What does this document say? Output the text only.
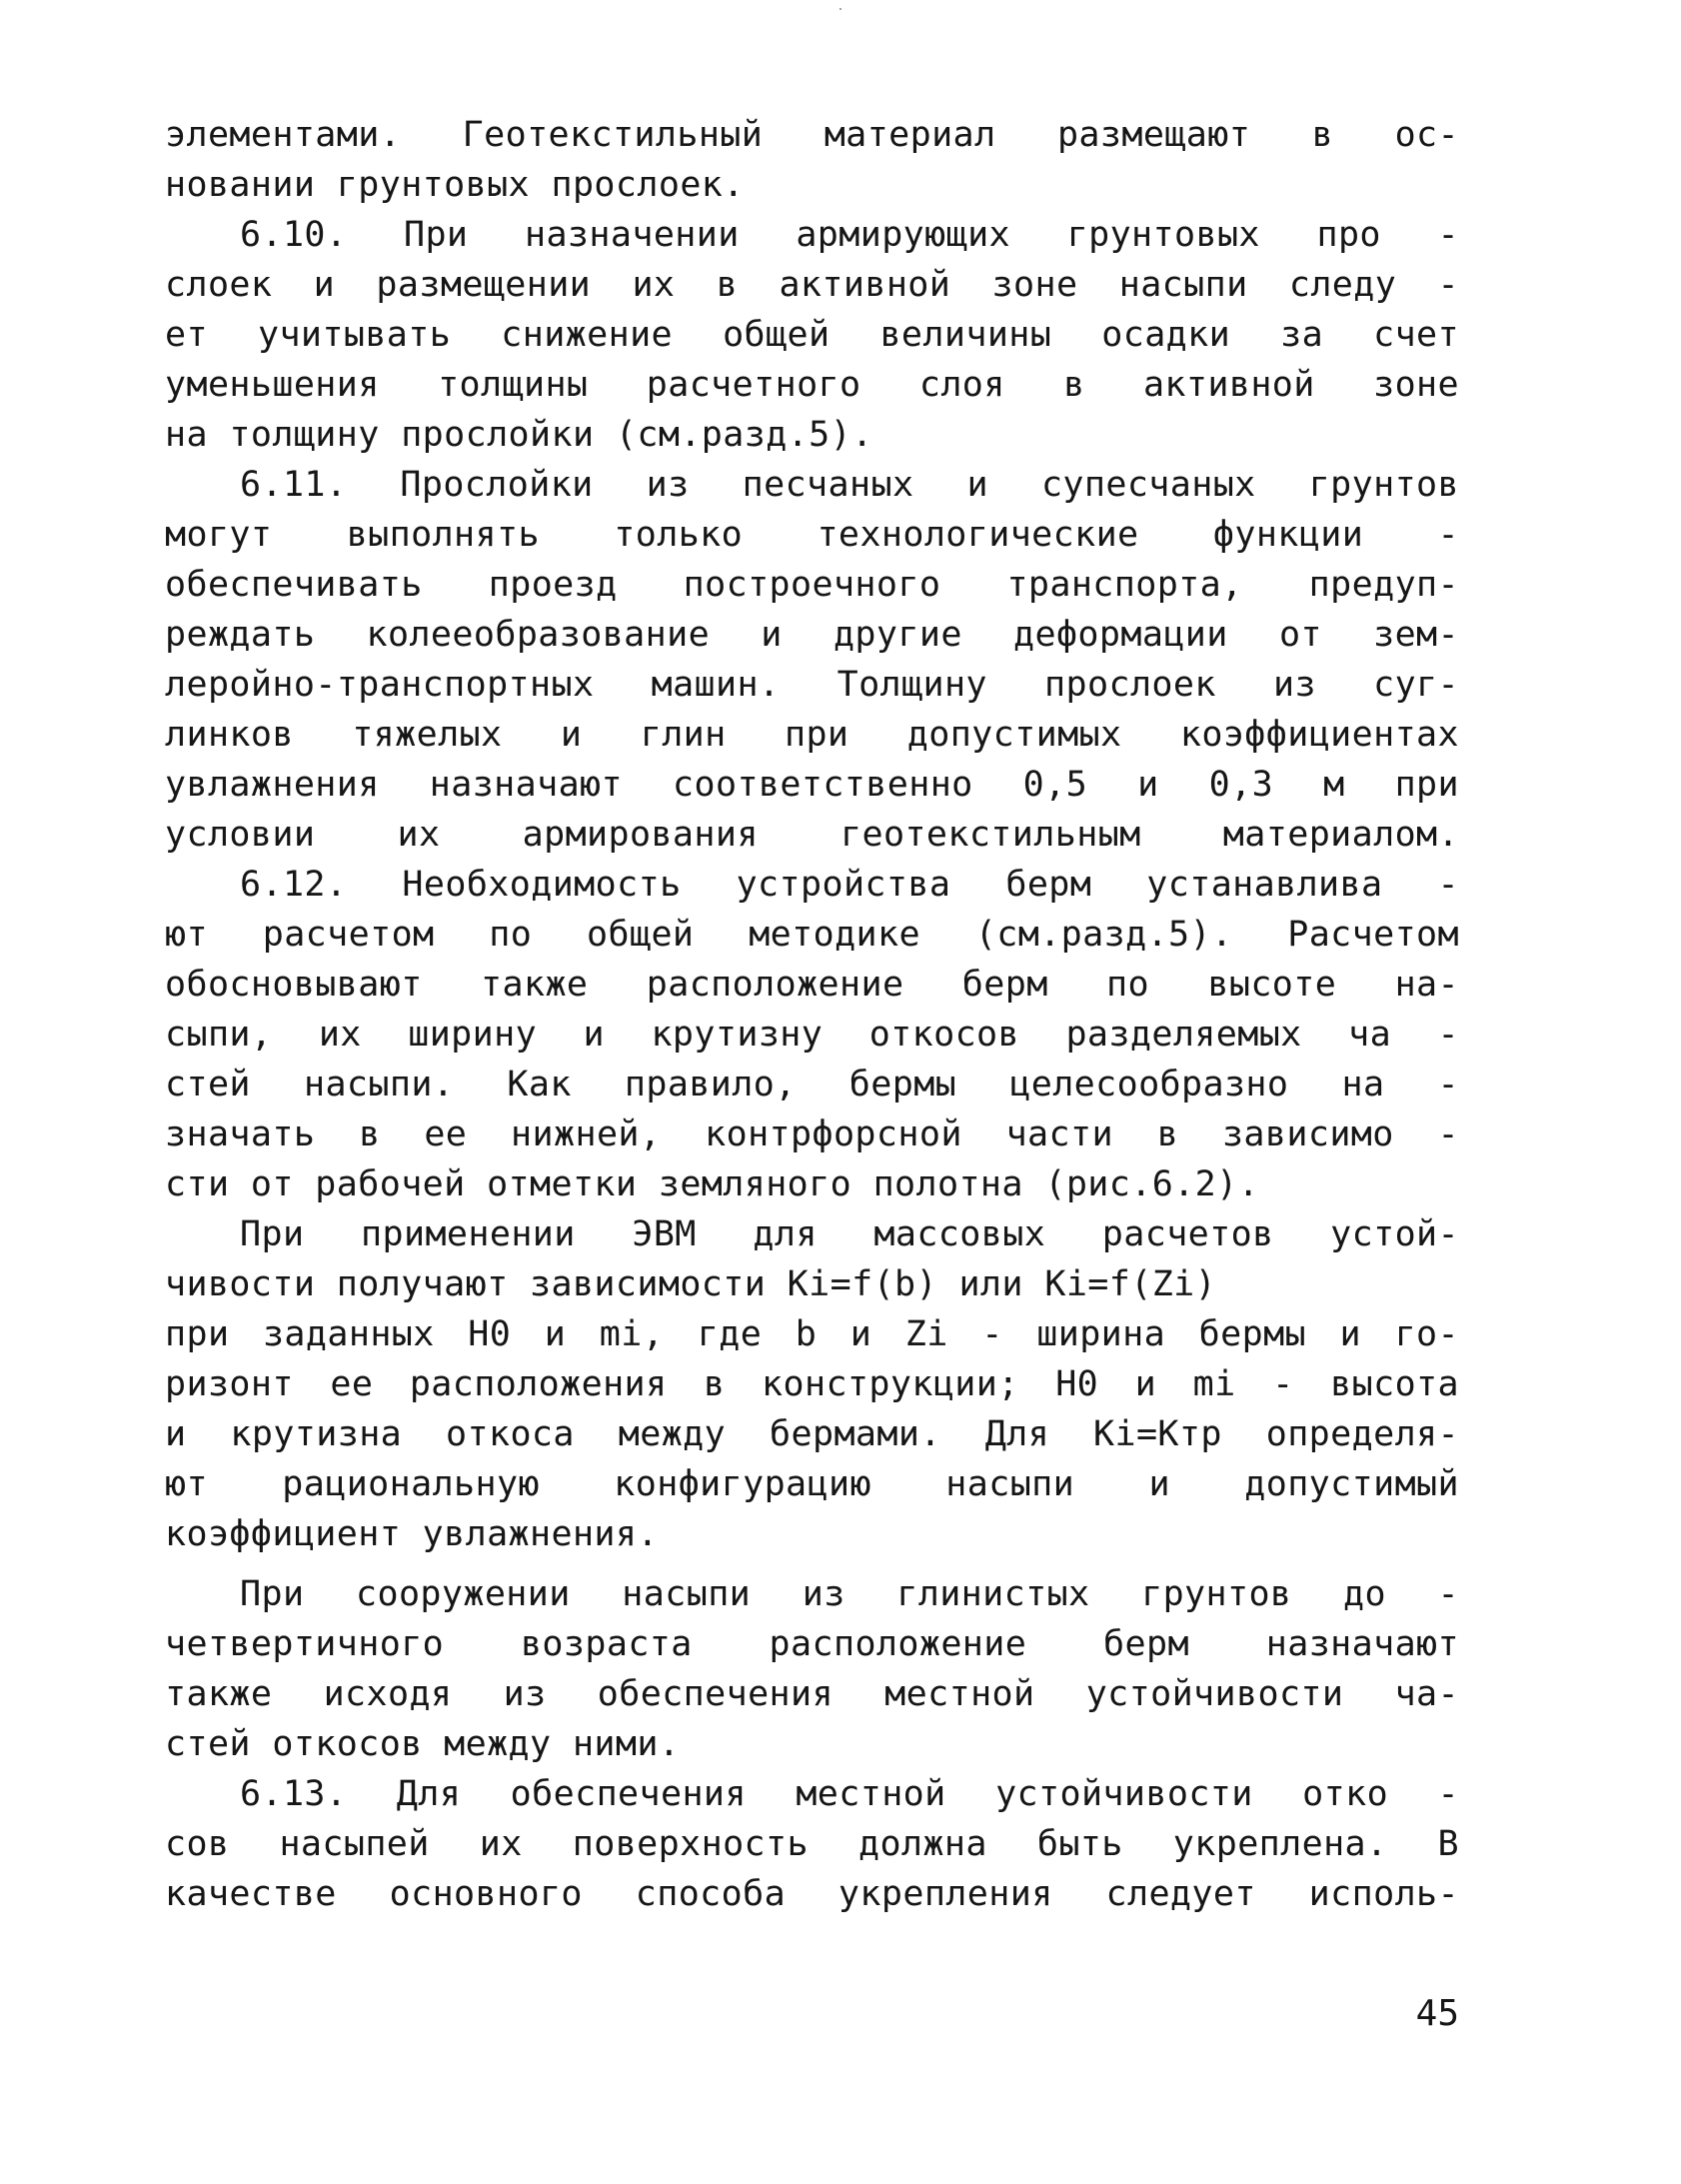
элементами. Геотекстильный материал размещают в ос-
новании грунтовых прослоек.
6.10. При назначении армирующих грунтовых про -
слоек и размещении их в активной зоне насыпи следу -
ет учитывать снижение общей величины осадки за счет
уменьшения толщины расчетного слоя в активной зоне
на толщину прослойки (см.разд.5).
6.11. Прослойки из песчаных и супесчаных грунтов
могут выполнять только технологические функции -
обеспечивать проезд построечного транспорта, предуп-
реждать колееобразование и другие деформации от зем-
леройно-транспортных машин. Толщину прослоек из суг-
линков тяжелых и глин при допустимых коэффициентах
увлажнения назначают соответственно 0,5 и 0,3 м при
условии их армирования геотекстильным материалом.
6.12. Необходимость устройства берм устанавлива -
ют расчетом по общей методике (см.разд.5). Расчетом
обосновывают также расположение берм по высоте на-
сыпи, их ширину и крутизну откосов разделяемых ча -
стей насыпи. Как правило, бермы целесообразно на -
значать в ее нижней, контрфорсной части в зависимо -
сти от рабочей отметки земляного полотна (рис.6.2).
При применении ЭВМ для массовых расчетов устой-
чивости получают зависимости Ki=f(b) или Ki=f(Zi)
при заданных H0 и mi, где b и Zi - ширина бермы и го-
ризонт ее расположения в конструкции; H0 и mi - высота
и крутизна откоса между бермами. Для Ki=Ктр определя-
ют рациональную конфигурацию насыпи и допустимый
коэффициент увлажнения.
При сооружении насыпи из глинистых грунтов до -
четвертичного возраста расположение берм назначают
также исходя из обеспечения местной устойчивости ча-
стей откосов между ними.
6.13. Для обеспечения местной устойчивости отко -
сов насыпей их поверхность должна быть укреплена. В
качестве основного способа укрепления следует исполь-
45
